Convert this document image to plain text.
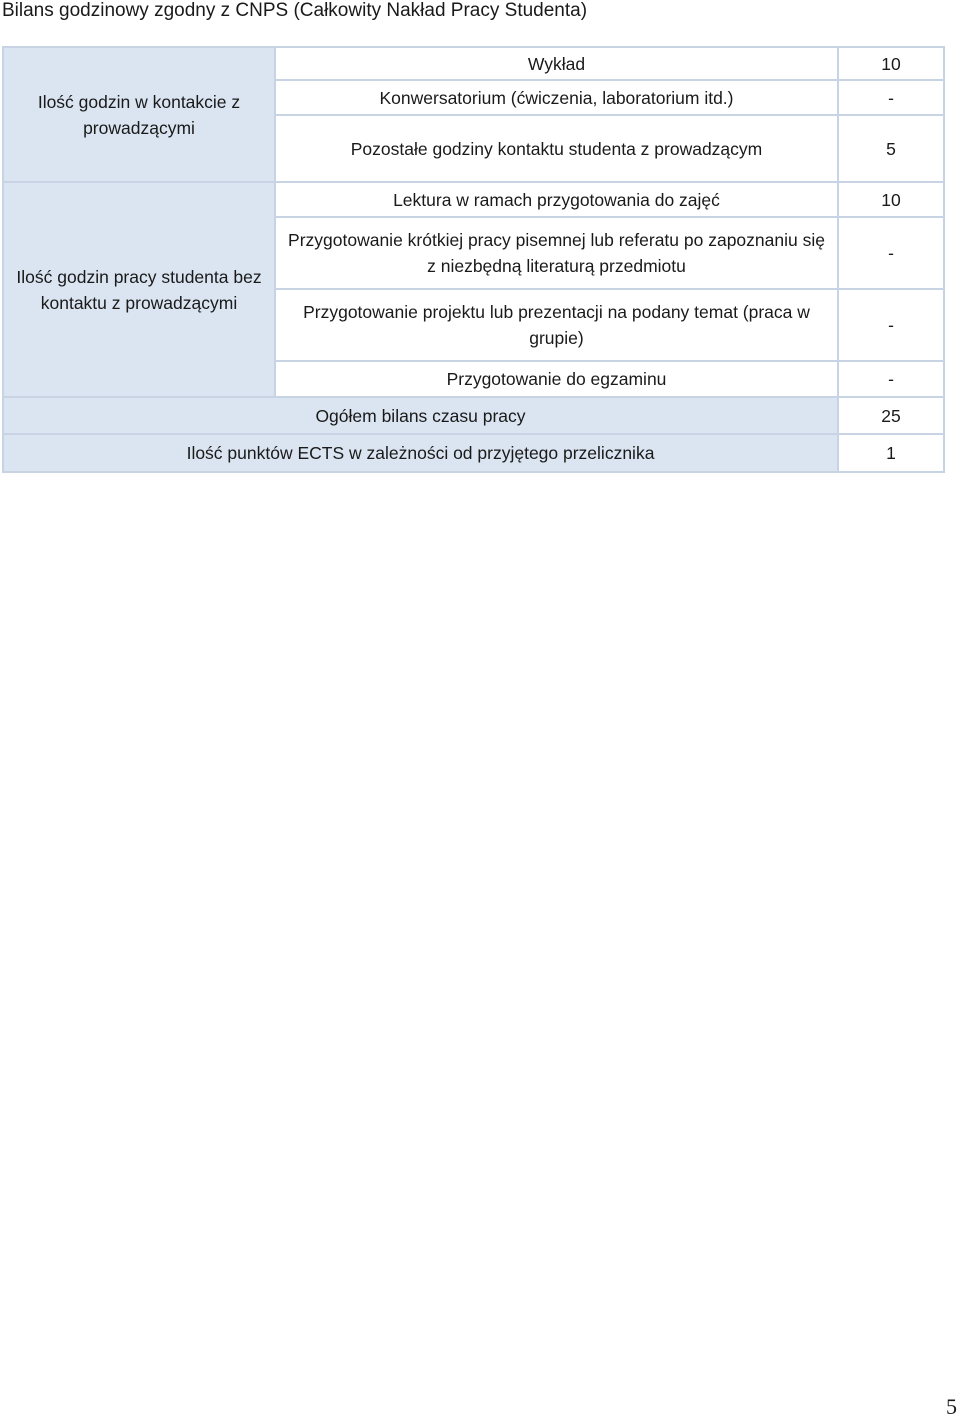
Bilans godzinowy zgodny z CNPS (Całkowity Nakład Pracy Studenta)
Ilość godzin w kontakcie z prowadzącymi	Wykład	10
	Konwersatorium (ćwiczenia, laboratorium itd.)	-
	Pozostałe godziny kontaktu studenta z prowadzącym	5
Ilość godzin pracy studenta bez kontaktu z prowadzącymi	Lektura w ramach przygotowania do zajęć	10
	Przygotowanie krótkiej pracy pisemnej lub referatu po zapoznaniu się z niezbędną literaturą przedmiotu	-
	Przygotowanie projektu lub prezentacji na podany temat (praca w grupie)	-
	Przygotowanie do egzaminu	-
Ogółem bilans czasu pracy		25
Ilość punktów ECTS w zależności od przyjętego przelicznika		1
5
